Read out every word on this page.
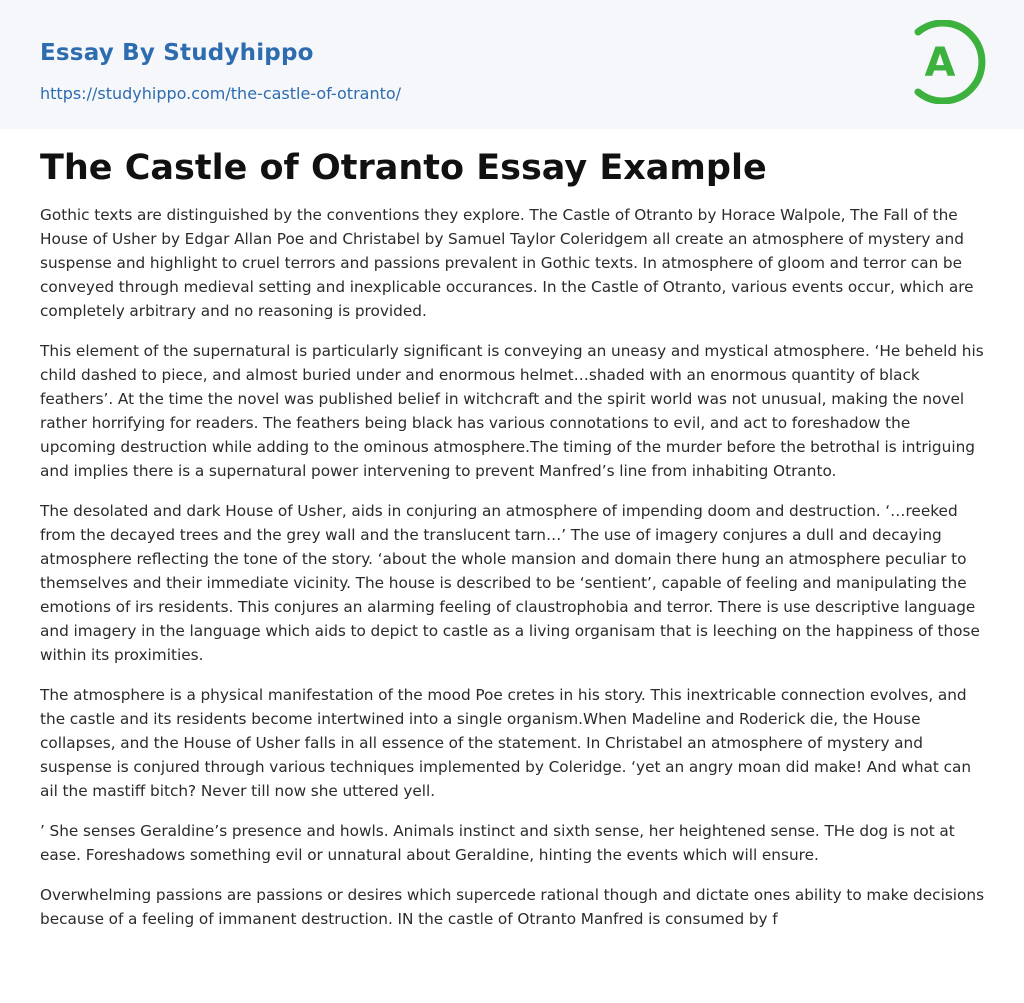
Essay By Studyhippo
https://studyhippo.com/the-castle-of-otranto/
A
The Castle of Otranto Essay Example

Gothic texts are distinguished by the conventions they explore. The Castle of Otranto by Horace Walpole, The Fall of the House of Usher by Edgar Allan Poe and Christabel by Samuel Taylor Coleridgem all create an atmosphere of mystery and suspense and highlight to cruel terrors and passions prevalent in Gothic texts. In atmosphere of gloom and terror can be conveyed through medieval setting and inexplicable occurances. In the Castle of Otranto, various events occur, which are completely arbitrary and no reasoning is provided.

This element of the supernatural is particularly significant is conveying an uneasy and mystical atmosphere. ‘He beheld his child dashed to piece, and almost buried under and enormous helmet…shaded with an enormous quantity of black feathers’. At the time the novel was published belief in witchcraft and the spirit world was not unusual, making the novel rather horrifying for readers. The feathers being black has various connotations to evil, and act to foreshadow the upcoming destruction while adding to the ominous atmosphere.The timing of the murder before the betrothal is intriguing and implies there is a supernatural power intervening to prevent Manfred’s line from inhabiting Otranto.

The desolated and dark House of Usher, aids in conjuring an atmosphere of impending doom and destruction. ‘…reeked from the decayed trees and the grey wall and the translucent tarn…’ The use of imagery conjures a dull and decaying atmosphere reflecting the tone of the story. ‘about the whole mansion and domain there hung an atmosphere peculiar to themselves and their immediate vicinity. The house is described to be ‘sentient’, capable of feeling and manipulating the emotions of irs residents. This conjures an alarming feeling of claustrophobia and terror. There is use descriptive language and imagery in the language which aids to depict to castle as a living organisam that is leeching on the happiness of those within its proximities.

The atmosphere is a physical manifestation of the mood Poe cretes in his story. This inextricable connection evolves, and the castle and its residents become intertwined into a single organism.When Madeline and Roderick die, the House collapses, and the House of Usher falls in all essence of the statement. In Christabel an atmosphere of mystery and suspense is conjured through various techniques implemented by Coleridge. ‘yet an angry moan did make! And what can ail the mastiff bitch? Never till now she uttered yell.

’ She senses Geraldine’s presence and howls. Animals instinct and sixth sense, her heightened sense. THe dog is not at ease. Foreshadows something evil or unnatural about Geraldine, hinting the events which will ensure.

Overwhelming passions are passions or desires which supercede rational though and dictate ones ability to make decisions because of a feeling of immanent destruction. IN the castle of Otranto Manfred is consumed by f
